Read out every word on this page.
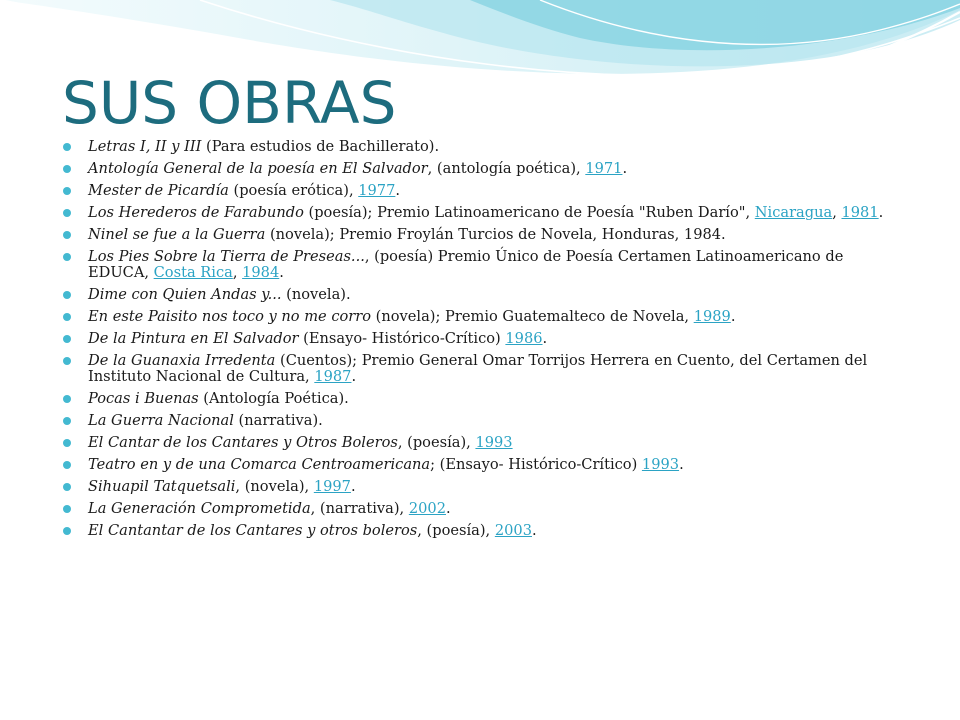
SUS OBRAS
Letras I, II y III (Para estudios de Bachillerato).
Antología General de la poesía en El Salvador, (antología poética), 1971.
Mester de Picardía (poesía erótica), 1977.
Los Herederos de Farabundo (poesía); Premio Latinoamericano de Poesía "Ruben Darío", Nicaragua, 1981.
Ninel se fue a la Guerra (novela); Premio Froylán Turcios de Novela, Honduras, 1984.
Los Pies Sobre la Tierra de Preseas..., (poesía) Premio Único de Poesía Certamen Latinoamericano de EDUCA, Costa Rica, 1984.
Dime con Quien Andas y... (novela).
En este Paisito nos toco y no me corro (novela); Premio Guatemalteco de Novela, 1989.
De la Pintura en El Salvador (Ensayo- Histórico-Crítico) 1986.
De la Guanaxia Irredenta (Cuentos); Premio General Omar Torrijos Herrera en Cuento, del Certamen del Instituto Nacional de Cultura, 1987.
Pocas i Buenas (Antología Poética).
La Guerra Nacional (narrativa).
El Cantar de los Cantares y Otros Boleros, (poesía), 1993
Teatro en y de una Comarca Centroamericana; (Ensayo- Histórico-Crítico) 1993.
Sihuapil Tatquetsali, (novela), 1997.
La Generación Comprometida, (narrativa), 2002.
El Cantantar de los Cantares y otros boleros, (poesía), 2003.
